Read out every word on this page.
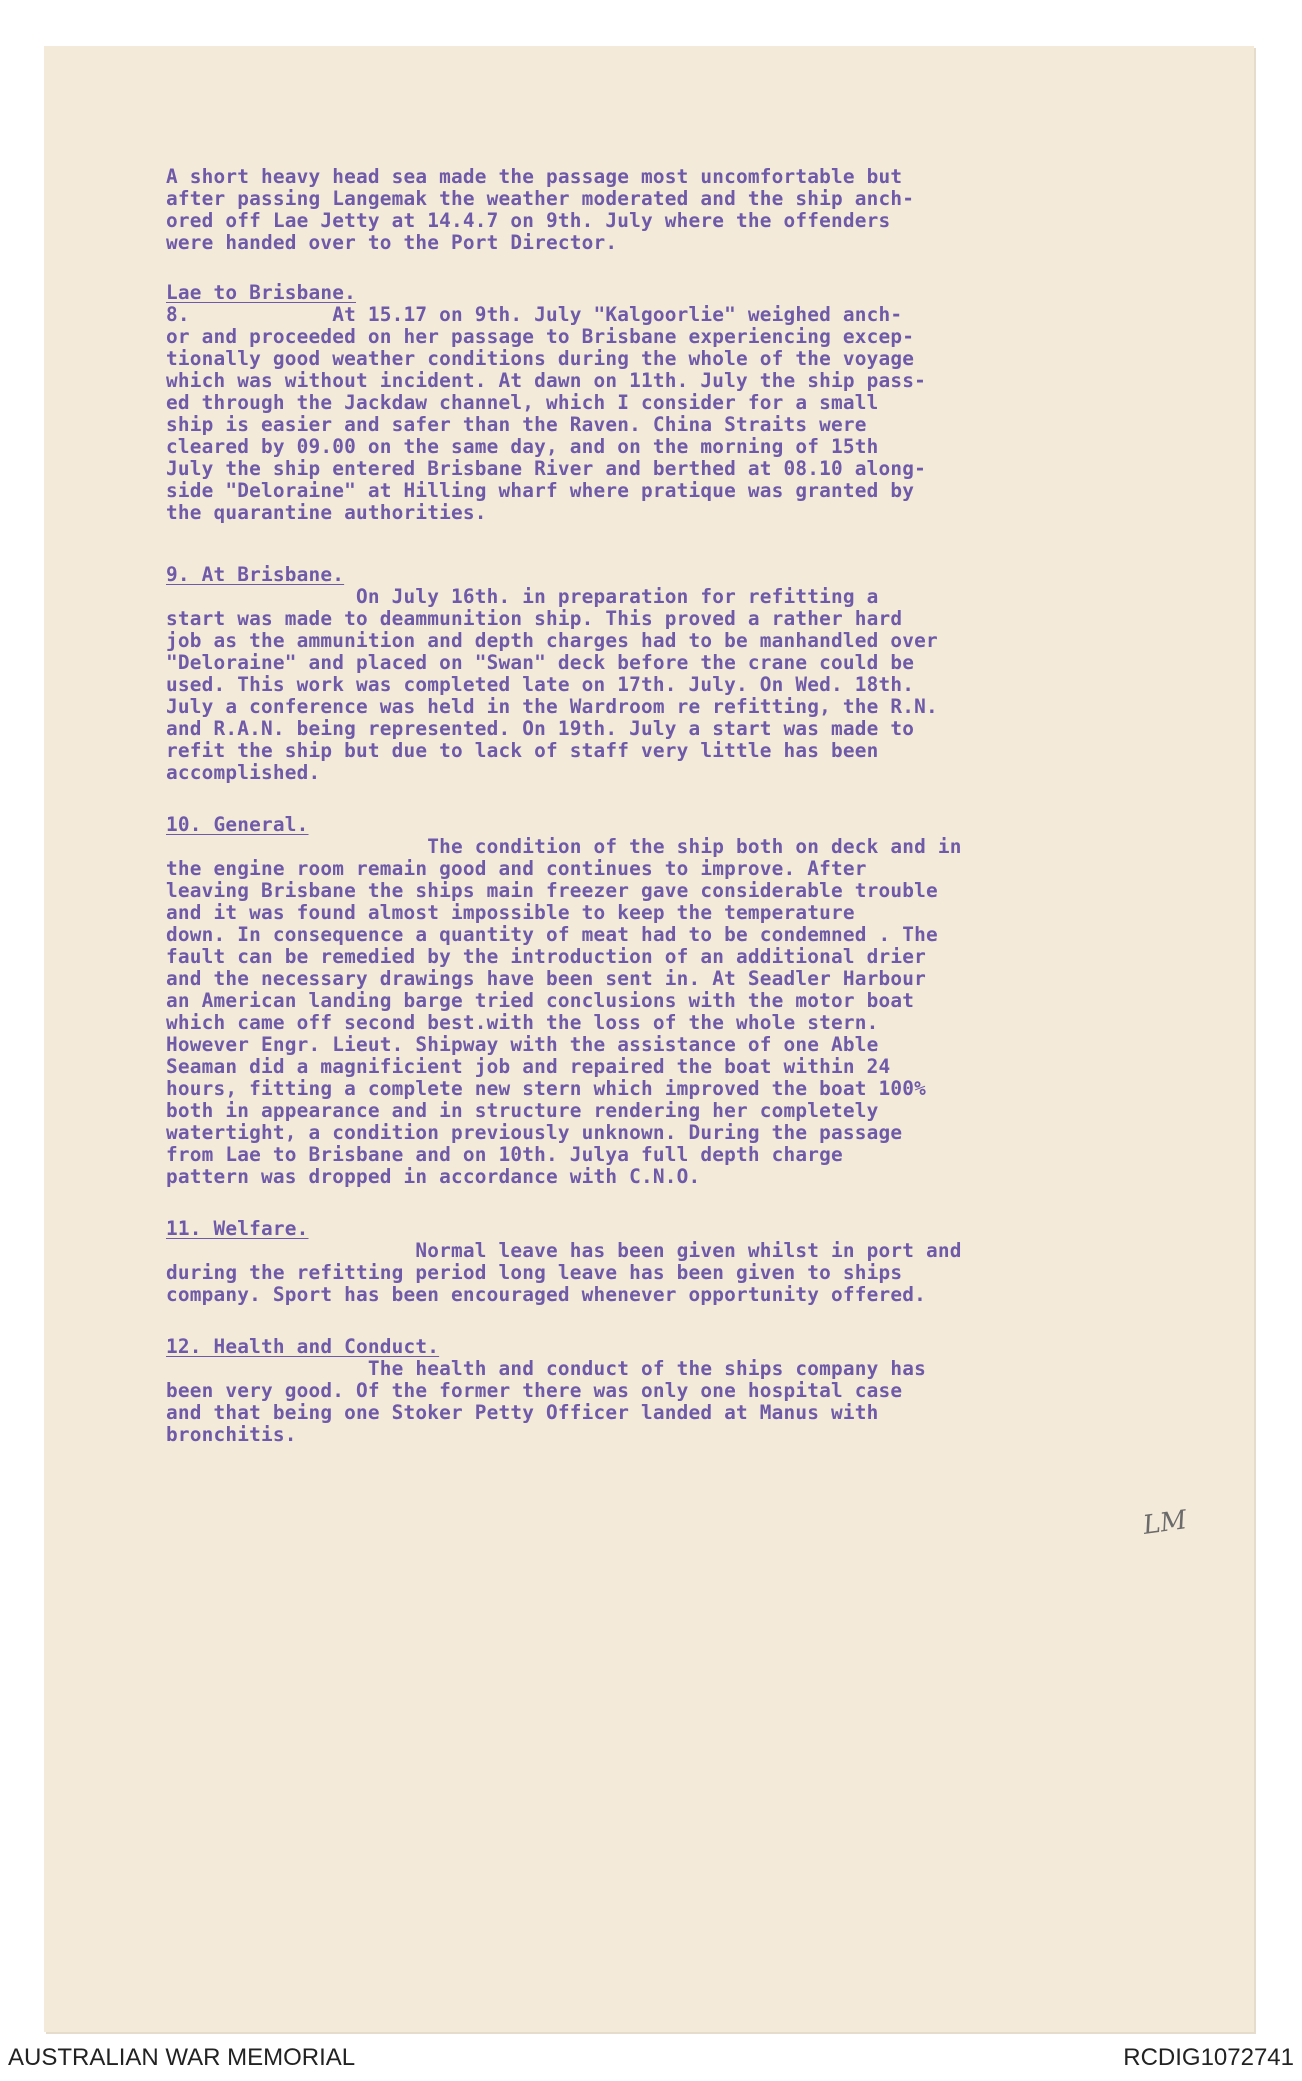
A short heavy head sea made the passage most uncomfortable but
after passing Langemak the weather moderated and the ship anch-
ored off Lae Jetty at 14.4.7 on 9th. July where the offenders
were handed over to the Port Director.
Lae to Brisbane.
8.            At 15.17 on 9th. July "Kalgoorlie" weighed anch-
or and proceeded on her passage to Brisbane experiencing excep-
tionally good weather conditions during the whole of the voyage
which was without incident. At dawn on 11th. July the ship pass-
ed through the Jackdaw channel, which I consider for a small
ship is easier and safer than the Raven. China Straits were
cleared by 09.00 on the same day, and on the morning of 15th
July the ship entered Brisbane River and berthed at 08.10 along-
side "Deloraine" at Hilling wharf where pratique was granted by
the quarantine authorities.
9. At Brisbane.
On July 16th. in preparation for refitting a
start was made to deammunition ship. This proved a rather hard
job as the ammunition and depth charges had to be manhandled over
"Deloraine" and placed on "Swan" deck before the crane could be
used. This work was completed late on 17th. July. On Wed. 18th.
July a conference was held in the Wardroom re refitting, the R.N.
and R.A.N. being represented. On 19th. July a start was made to
refit the ship but due to lack of staff very little has been
accomplished.
10. General.
The condition of the ship both on deck and in
the engine room remain good and continues to improve. After
leaving Brisbane the ships main freezer gave considerable trouble
and it was found almost impossible to keep the temperature
down. In consequence a quantity of meat had to be condemned . The
fault can be remedied by the introduction of an additional drier
and the necessary drawings have been sent in. At Seadler Harbour
an American landing barge tried conclusions with the motor boat
which came off second best.with the loss of the whole stern.
However Engr. Lieut. Shipway with the assistance of one Able
Seaman did a magnificient job and repaired the boat within 24
hours, fitting a complete new stern which improved the boat 100%
both in appearance and in structure rendering her completely
watertight, a condition previously unknown. During the passage
from Lae to Brisbane and on 10th. Julya full depth charge
pattern was dropped in accordance with C.N.O.
11. Welfare.
Normal leave has been given whilst in port and
during the refitting period long leave has been given to ships
company. Sport has been encouraged whenever opportunity offered.
12. Health and Conduct.
The health and conduct of the ships company has
been very good. Of the former there was only one hospital case
and that being one Stoker Petty Officer landed at Manus with
bronchitis.
LM
AUSTRALIAN WAR MEMORIAL	RCDIG1072741
